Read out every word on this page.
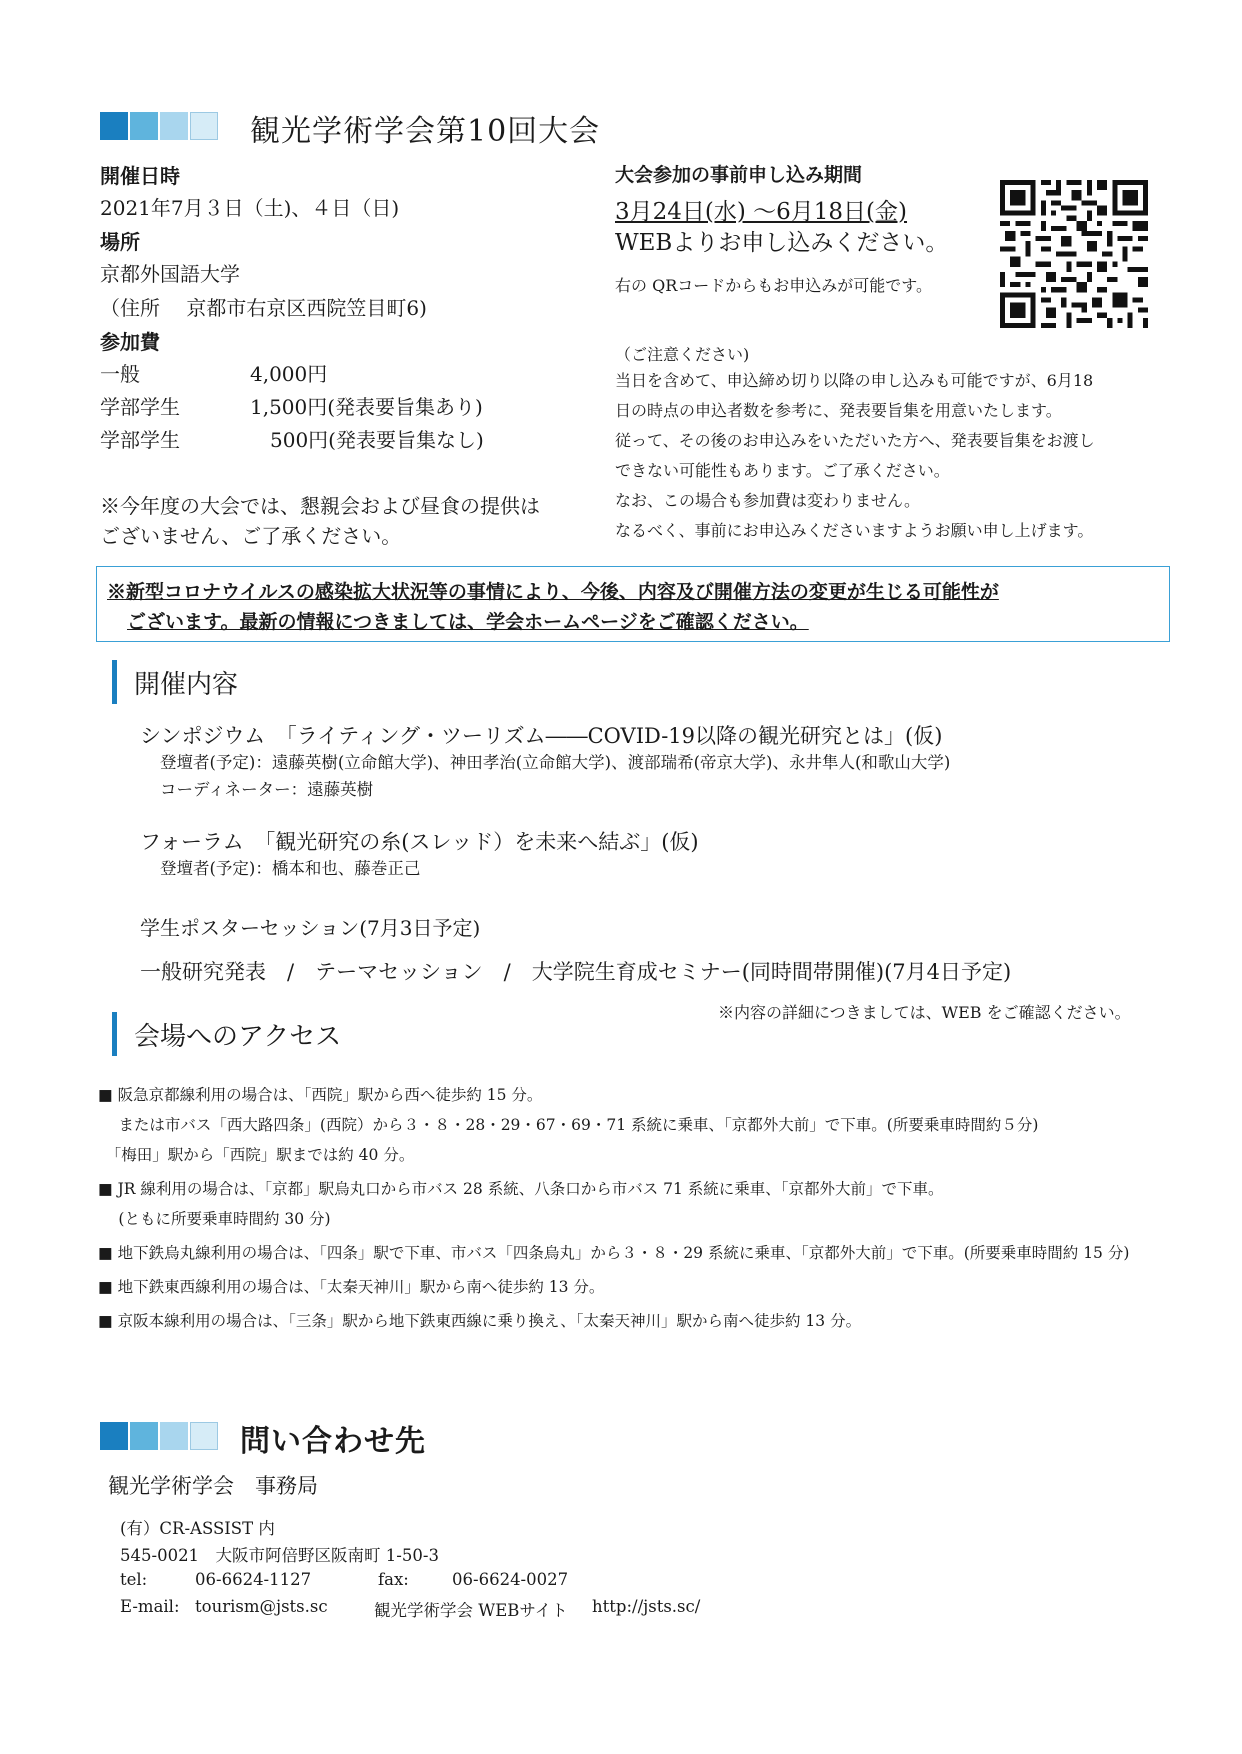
観光学術学会第10回大会
開催日時
2021年7月３日（土)、４日（日)
場所
京都外国語大学
（住所　 京都市右京区西院笠目町6)
参加費
一般	4,000円
学部学生	1,500円(発表要旨集あり)
学部学生	500円(発表要旨集なし)
※今年度の大会では、懇親会および昼食の提供は
ございません、ご了承ください。
大会参加の事前申し込み期間
3月24日(水) ～6月18日(金)
WEBよりお申し込みください。
右の QRコードからもお申込みが可能です。
（ご注意ください)
当日を含めて、申込締め切り以降の申し込みも可能ですが、6月18
日の時点の申込者数を参考に、発表要旨集を用意いたします。
従って、その後のお申込みをいただいた方へ、発表要旨集をお渡し
できない可能性もあります。ご了承ください。
なお、この場合も参加費は変わりません。
なるべく、事前にお申込みくださいますようお願い申し上げます。
※新型コロナウイルスの感染拡大状況等の事情により、今後、内容及び開催方法の変更が生じる可能性が
ございます。最新の情報につきましては、学会ホームページをご確認ください。
開催内容
シンポジウム　「ライティング・ツーリズム――COVID-19以降の観光研究とは」(仮)
登壇者(予定)：遠藤英樹(立命館大学)、神田孝治(立命館大学)、渡部瑞希(帝京大学)、永井隼人(和歌山大学)
コーディネーター：遠藤英樹
フォーラム　「観光研究の糸(スレッド）を未来へ結ぶ」(仮)
登壇者(予定)：橋本和也、藤巻正己
学生ポスターセッション(7月3日予定)
一般研究発表　/　テーマセッション　/　大学院生育成セミナー(同時間帯開催)(7月4日予定)
※内容の詳細につきましては、WEB をご確認ください。
会場へのアクセス

■ 阪急京都線利用の場合は、「西院」駅から西へ徒歩約 15 分。

　 または市バス「西大路四条」(西院）から３・８・28・29・67・69・71 系統に乗車、「京都外大前」で下車。(所要乗車時間約５分)

　「梅田」駅から「西院」駅までは約 40 分。

■ JR 線利用の場合は、「京都」駅烏丸口から市バス 28 系統、八条口から市バス 71 系統に乗車、「京都外大前」で下車。

　 (ともに所要乗車時間約 30 分)

■ 地下鉄烏丸線利用の場合は、「四条」駅で下車、市バス「四条烏丸」から３・８・29 系統に乗車、「京都外大前」で下車。(所要乗車時間約 15 分)

■ 地下鉄東西線利用の場合は、「太秦天神川」駅から南へ徒歩約 13 分。

■ 京阪本線利用の場合は、「三条」駅から地下鉄東西線に乗り換え、「太秦天神川」駅から南へ徒歩約 13 分。

問い合わせ先
観光学術学会　事務局
(有）CR-ASSIST 内
545-0021　大阪市阿倍野区阪南町 1-50-3
tel:	06-6624-1127	fax:	06-6624-0027
E-mail: tourism@jsts.sc	観光学術学会 WEBサイト http://jsts.sc/
